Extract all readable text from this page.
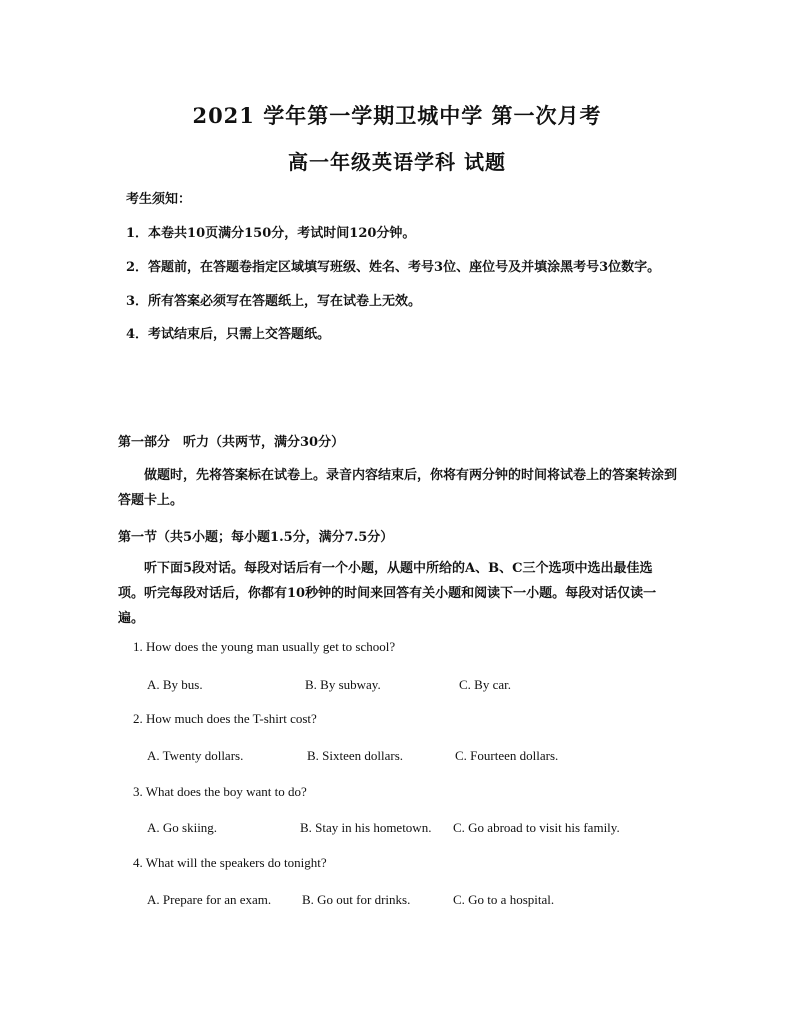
2021 学年第一学期卫城中学 第一次月考
高一年级英语学科 试题
考生须知：
1．本卷共10页满分150分，考试时间120分钟。
2．答题前，在答题卷指定区域填写班级、姓名、考号3位、座位号及并填涂黑考号3位数字。
3．所有答案必须写在答题纸上，写在试卷上无效。
4．考试结束后，只需上交答题纸。
第一部分　听力（共两节，满分30分）
做题时，先将答案标在试卷上。录音内容结束后，你将有两分钟的时间将试卷上的答案转涂到答题卡上。
第一节（共5小题；每小题1.5分，满分7.5分）
听下面5段对话。每段对话后有一个小题，从题中所给的A、B、C三个选项中选出最佳选项。听完每段对话后，你都有10秒钟的时间来回答有关小题和阅读下一小题。每段对话仅读一遍。
1. How does the young man usually get to school?
A. By bus.	B. By subway.	C. By car.
2. How much does the T-shirt cost?
A. Twenty dollars.	B. Sixteen dollars.	C. Fourteen dollars.
3. What does the boy want to do?
A. Go skiing.	B. Stay in his hometown. C. Go abroad to visit his family.
4. What will the speakers do tonight?
A. Prepare for an exam. B. Go out for drinks.	C. Go to a hospital.
